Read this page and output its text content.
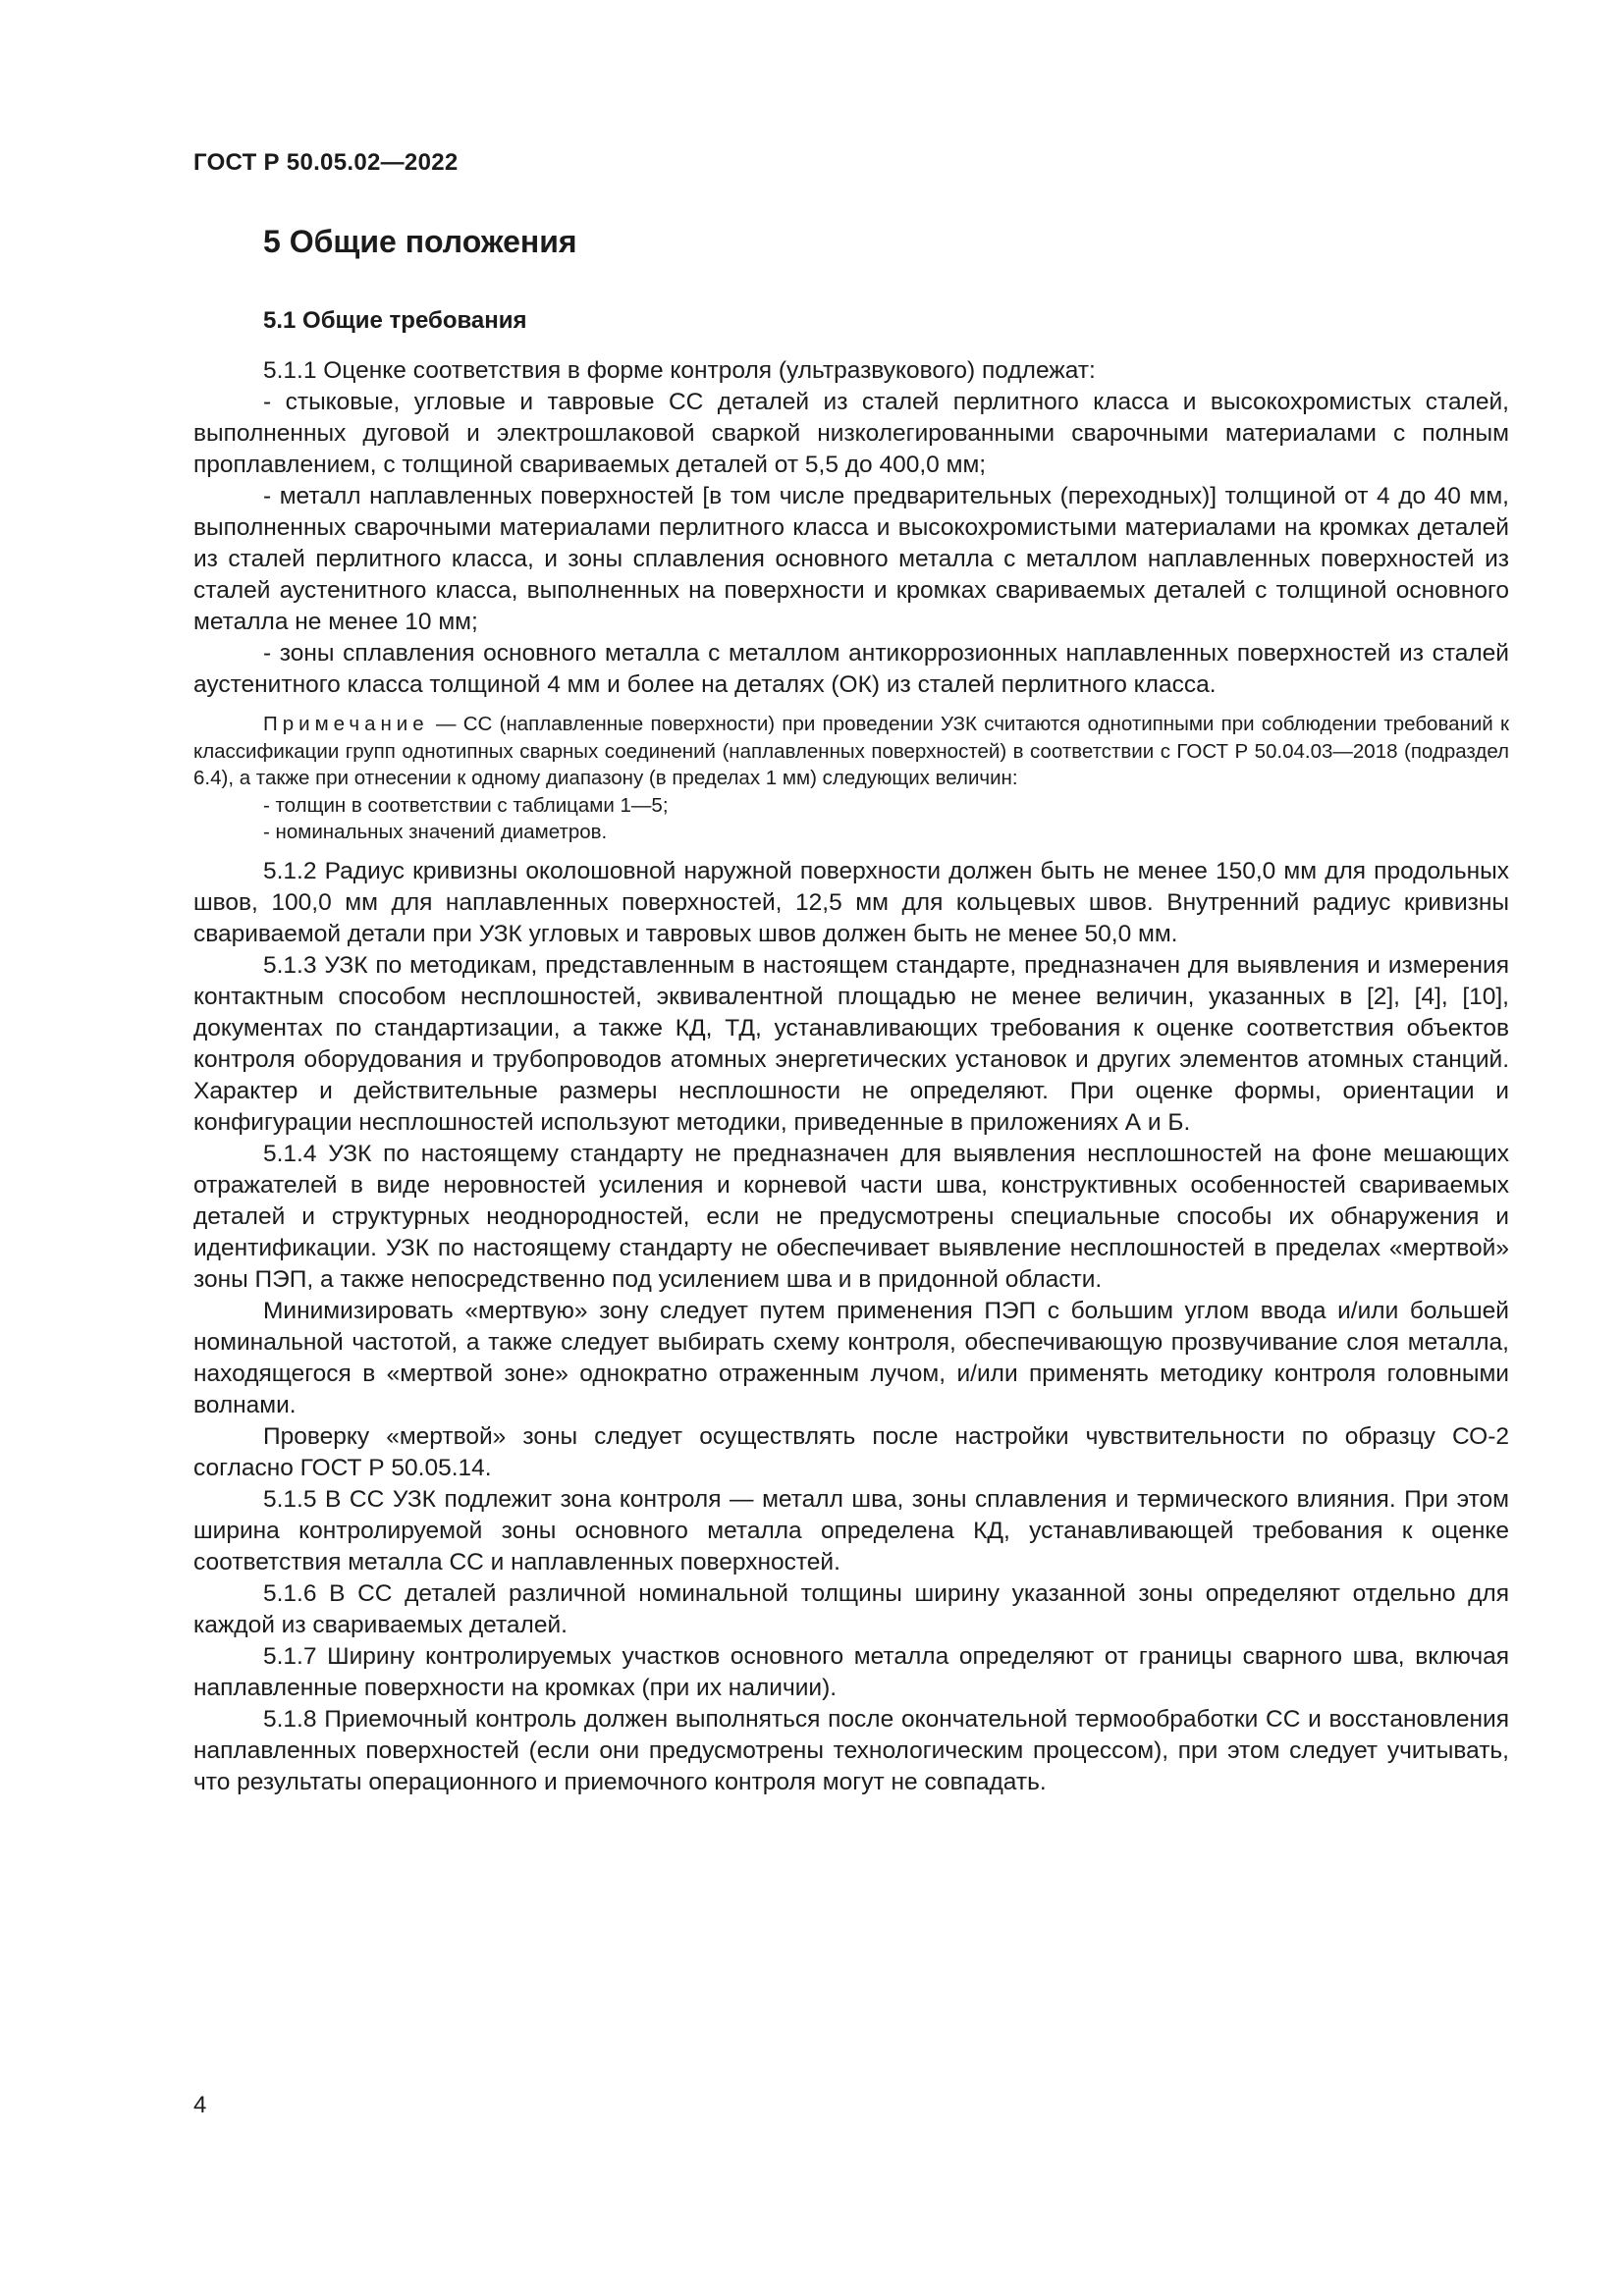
ГОСТ Р 50.05.02—2022
5 Общие положения
5.1 Общие требования

5.1.1 Оценке соответствия в форме контроля (ультразвукового) подлежат:

- стыковые, угловые и тавровые СС деталей из сталей перлитного класса и высокохромистых сталей, выполненных дуговой и электрошлаковой сваркой низколегированными сварочными материалами с полным проплавлением, с толщиной свариваемых деталей от 5,5 до 400,0 мм;

- металл наплавленных поверхностей [в том числе предварительных (переходных)] толщиной от 4 до 40 мм, выполненных сварочными материалами перлитного класса и высокохромистыми материалами на кромках деталей из сталей перлитного класса, и зоны сплавления основного металла с металлом наплавленных поверхностей из сталей аустенитного класса, выполненных на поверхности и кромках свариваемых деталей с толщиной основного металла не менее 10 мм;

- зоны сплавления основного металла с металлом антикоррозионных наплавленных поверхностей из сталей аустенитного класса толщиной 4 мм и более на деталях (ОК) из сталей перлитного класса.

Примечание — СС (наплавленные поверхности) при проведении УЗК считаются однотипными при соблюдении требований к классификации групп однотипных сварных соединений (наплавленных поверхностей) в соответствии с ГОСТ Р 50.04.03—2018 (подраздел 6.4), а также при отнесении к одному диапазону (в пределах 1 мм) следующих величин:

- толщин в соответствии с таблицами 1—5;

- номинальных значений диаметров.

5.1.2 Радиус кривизны околошовной наружной поверхности должен быть не менее 150,0 мм для продольных швов, 100,0 мм для наплавленных поверхностей, 12,5 мм для кольцевых швов. Внутренний радиус кривизны свариваемой детали при УЗК угловых и тавровых швов должен быть не менее 50,0 мм.

5.1.3 УЗК по методикам, представленным в настоящем стандарте, предназначен для выявления и измерения контактным способом несплошностей, эквивалентной площадью не менее величин, указанных в [2], [4], [10], документах по стандартизации, а также КД, ТД, устанавливающих требования к оценке соответствия объектов контроля оборудования и трубопроводов атомных энергетических установок и других элементов атомных станций. Характер и действительные размеры несплошности не определяют. При оценке формы, ориентации и конфигурации несплошностей используют методики, приведенные в приложениях А и Б.

5.1.4 УЗК по настоящему стандарту не предназначен для выявления несплошностей на фоне мешающих отражателей в виде неровностей усиления и корневой части шва, конструктивных особенностей свариваемых деталей и структурных неоднородностей, если не предусмотрены специальные способы их обнаружения и идентификации. УЗК по настоящему стандарту не обеспечивает выявление несплошностей в пределах «мертвой» зоны ПЭП, а также непосредственно под усилением шва и в придонной области.

Минимизировать «мертвую» зону следует путем применения ПЭП с большим углом ввода и/или большей номинальной частотой, а также следует выбирать схему контроля, обеспечивающую прозвучивание слоя металла, находящегося в «мертвой зоне» однократно отраженным лучом, и/или применять методику контроля головными волнами.

Проверку «мертвой» зоны следует осуществлять после настройки чувствительности по образцу СО-2 согласно ГОСТ Р 50.05.14.

5.1.5 В СС УЗК подлежит зона контроля — металл шва, зоны сплавления и термического влияния. При этом ширина контролируемой зоны основного металла определена КД, устанавливающей требования к оценке соответствия металла СС и наплавленных поверхностей.

5.1.6 В СС деталей различной номинальной толщины ширину указанной зоны определяют отдельно для каждой из свариваемых деталей.

5.1.7 Ширину контролируемых участков основного металла определяют от границы сварного шва, включая наплавленные поверхности на кромках (при их наличии).

5.1.8 Приемочный контроль должен выполняться после окончательной термообработки СС и восстановления наплавленных поверхностей (если они предусмотрены технологическим процессом), при этом следует учитывать, что результаты операционного и приемочного контроля могут не совпадать.

4
